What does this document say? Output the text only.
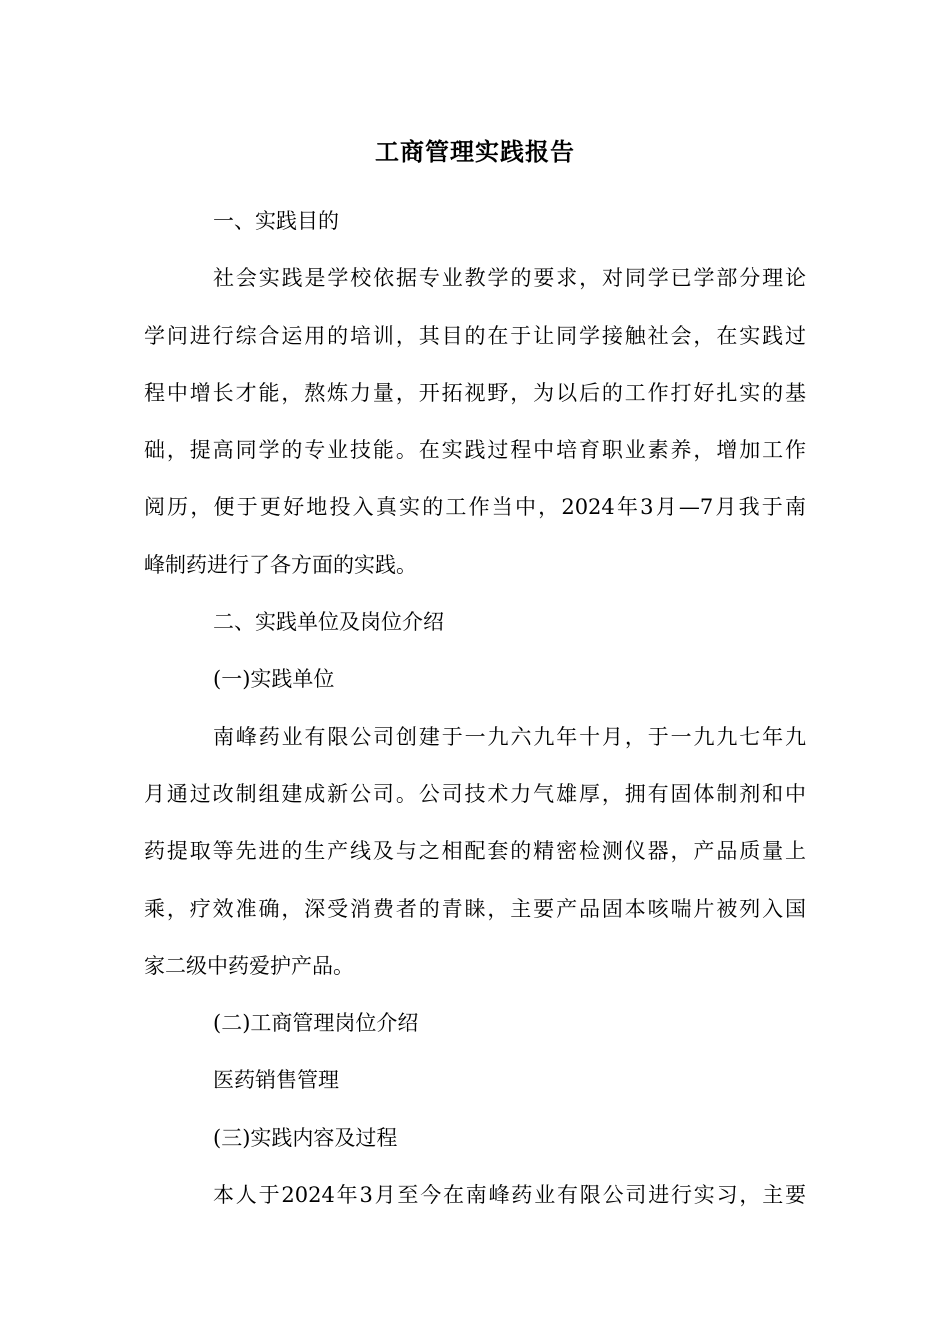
工商管理实践报告
一、实践目的
社会实践是学校依据专业教学的要求，对同学已学部分理论
学问进行综合运用的培训，其目的在于让同学接触社会，在实践过
程中增长才能，熬炼力量，开拓视野，为以后的工作打好扎实的基
础，提高同学的专业技能。在实践过程中培育职业素养，增加工作
阅历，便于更好地投入真实的工作当中，2024年3月—7月我于南
峰制药进行了各方面的实践。
二、实践单位及岗位介绍
(一)实践单位
南峰药业有限公司创建于一九六九年十月，于一九九七年九
月通过改制组建成新公司。公司技术力气雄厚，拥有固体制剂和中
药提取等先进的生产线及与之相配套的精密检测仪器，产品质量上
乘，疗效准确，深受消费者的青睐，主要产品固本咳喘片被列入国
家二级中药爱护产品。
(二)工商管理岗位介绍
医药销售管理
(三)实践内容及过程
本人于2024年3月至今在南峰药业有限公司进行实习，主要
